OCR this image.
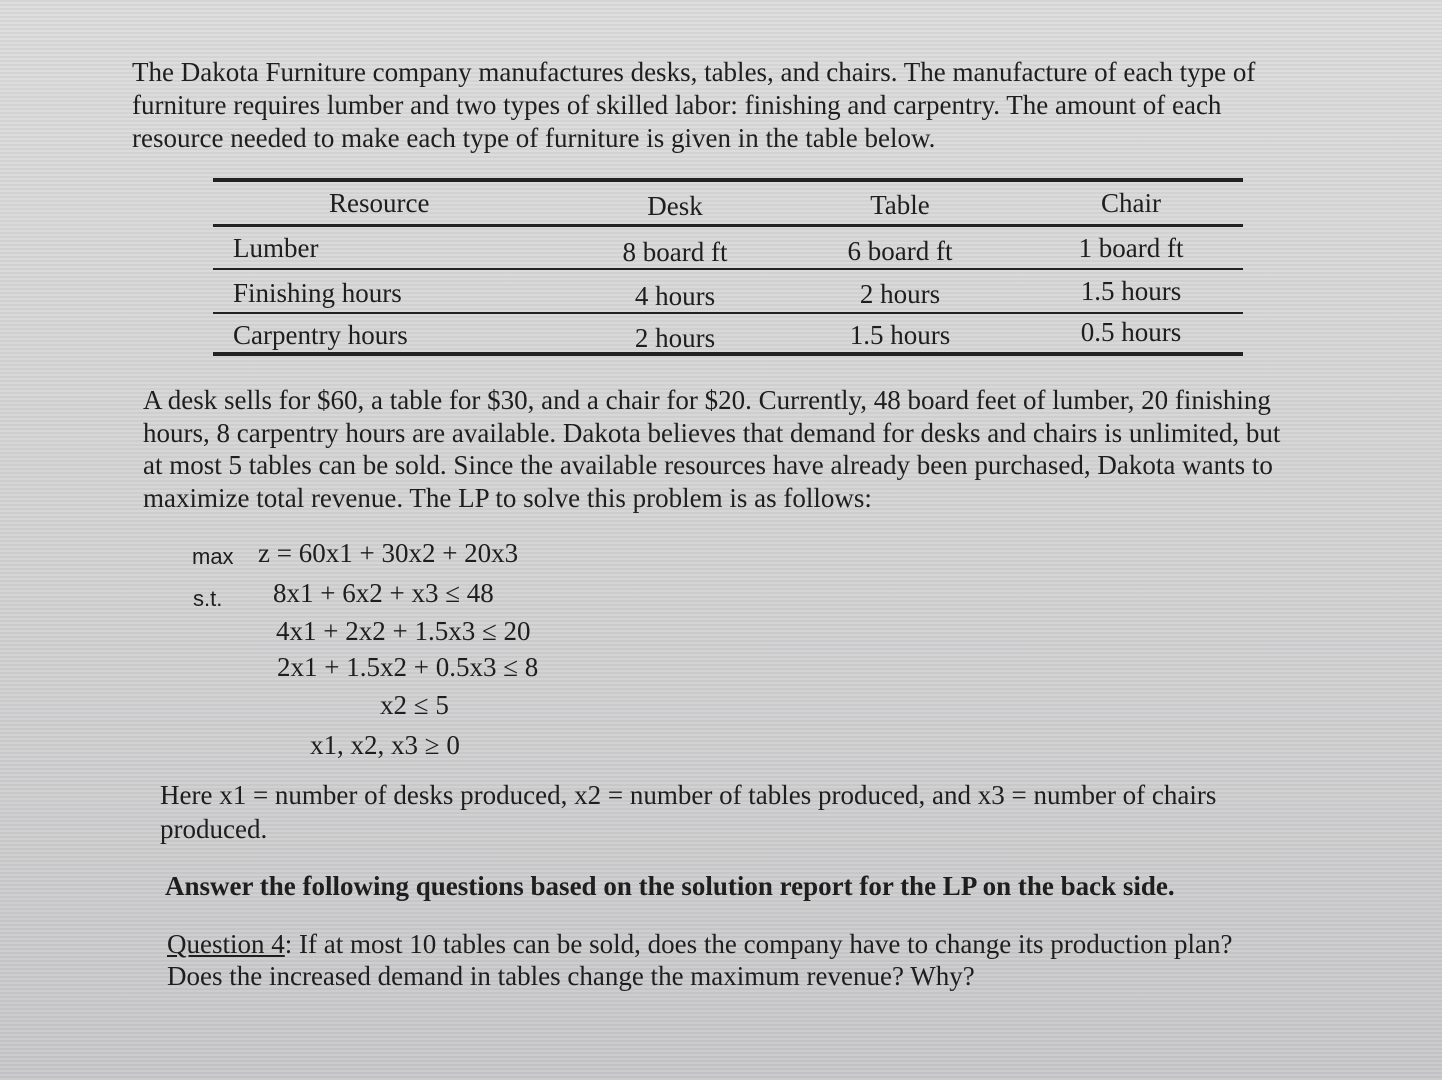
The Dakota Furniture company manufactures desks, tables, and chairs. The manufacture of each type of furniture requires lumber and two types of skilled labor: finishing and carpentry. The amount of each resource needed to make each type of furniture is given in the table below.

Resource	Desk	Table	Chair
Lumber	8 board ft	6 board ft	1 board ft
Finishing hours	4 hours	2 hours	1.5 hours
Carpentry hours	2 hours	1.5 hours	0.5 hours

A desk sells for $60, a table for $30, and a chair for $20. Currently, 48 board feet of lumber, 20 finishing hours, 8 carpentry hours are available. Dakota believes that demand for desks and chairs is unlimited, but at most 5 tables can be sold. Since the available resources have already been purchased, Dakota wants to maximize total revenue. The LP to solve this problem is as follows:

max z = 60x1 + 30x2 + 20x3
s.t. 8x1 + 6x2 + x3 ≤ 48
4x1 + 2x2 + 1.5x3 ≤ 20
2x1 + 1.5x2 + 0.5x3 ≤ 8
x2 ≤ 5
x1, x2, x3 ≥ 0

Here x1 = number of desks produced, x2 = number of tables produced, and x3 = number of chairs produced.

Answer the following questions based on the solution report for the LP on the back side.

Question 4: If at most 10 tables can be sold, does the company have to change its production plan? Does the increased demand in tables change the maximum revenue? Why?
